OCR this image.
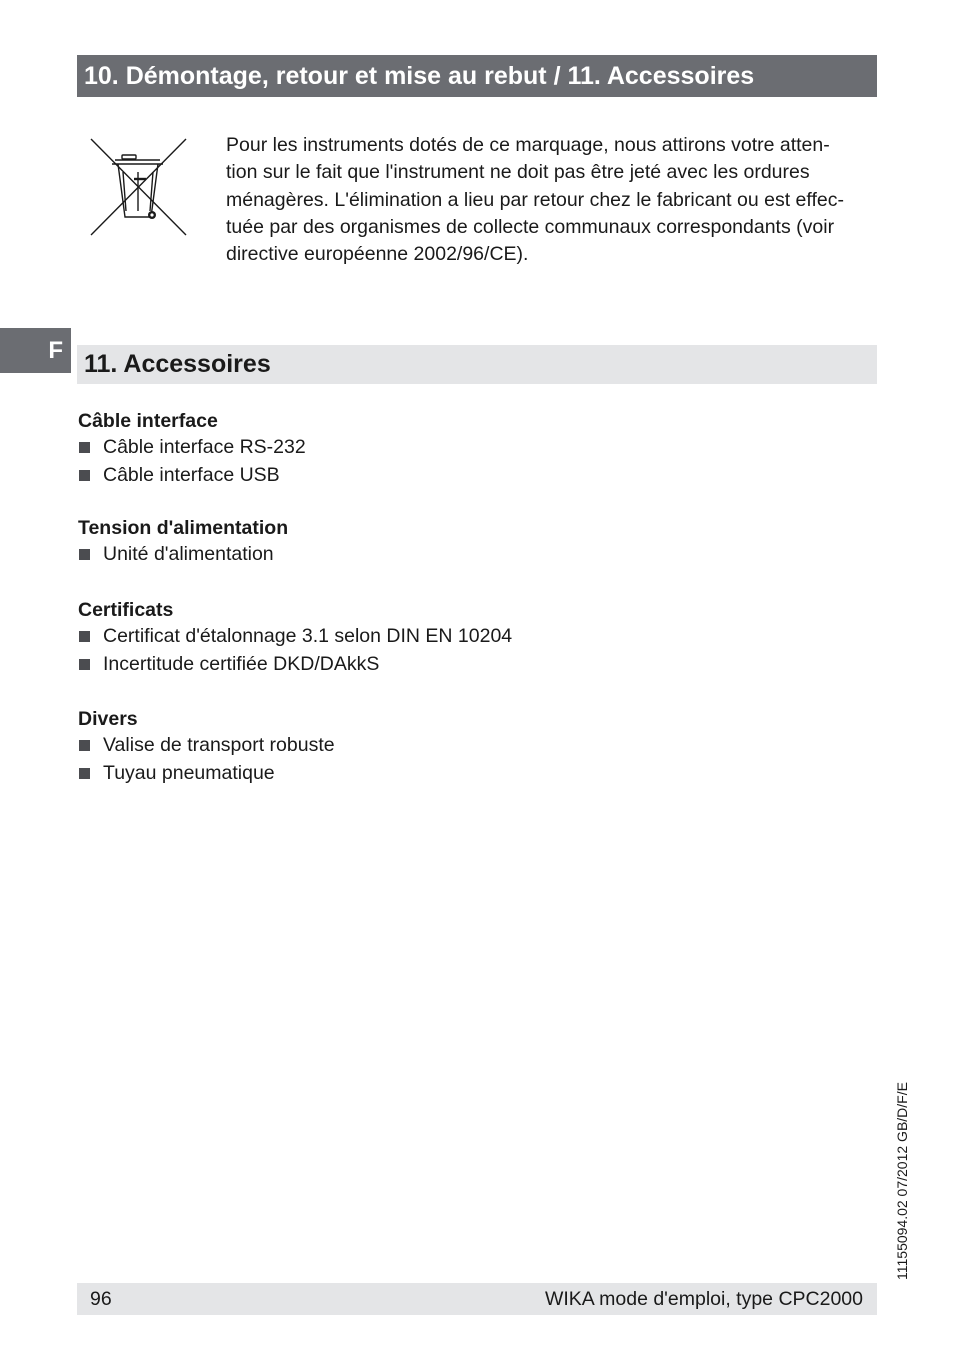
10. Démontage, retour et mise au rebut / 11. Accessoires
Pour les instruments dotés de ce marquage, nous attirons votre atten-
tion sur le fait que l'instrument ne doit pas être jeté avec les ordures
ménagères. L'élimination a lieu par retour chez le fabricant ou est effec-
tuée par des organismes de collecte communaux correspondants (voir
directive européenne 2002/96/CE).
F 11. Accessoires
Câble interface
Câble interface RS-232
Câble interface USB
Tension d'alimentation
Unité d'alimentation
Certificats
Certificat d'étalonnage 3.1 selon DIN EN 10204
Incertitude certifiée DKD/DAkkS
Divers
Valise de transport robuste
Tuyau pneumatique
11155094.02 07/2012 GB/D/F/E
96	WIKA mode d'emploi, type CPC2000
